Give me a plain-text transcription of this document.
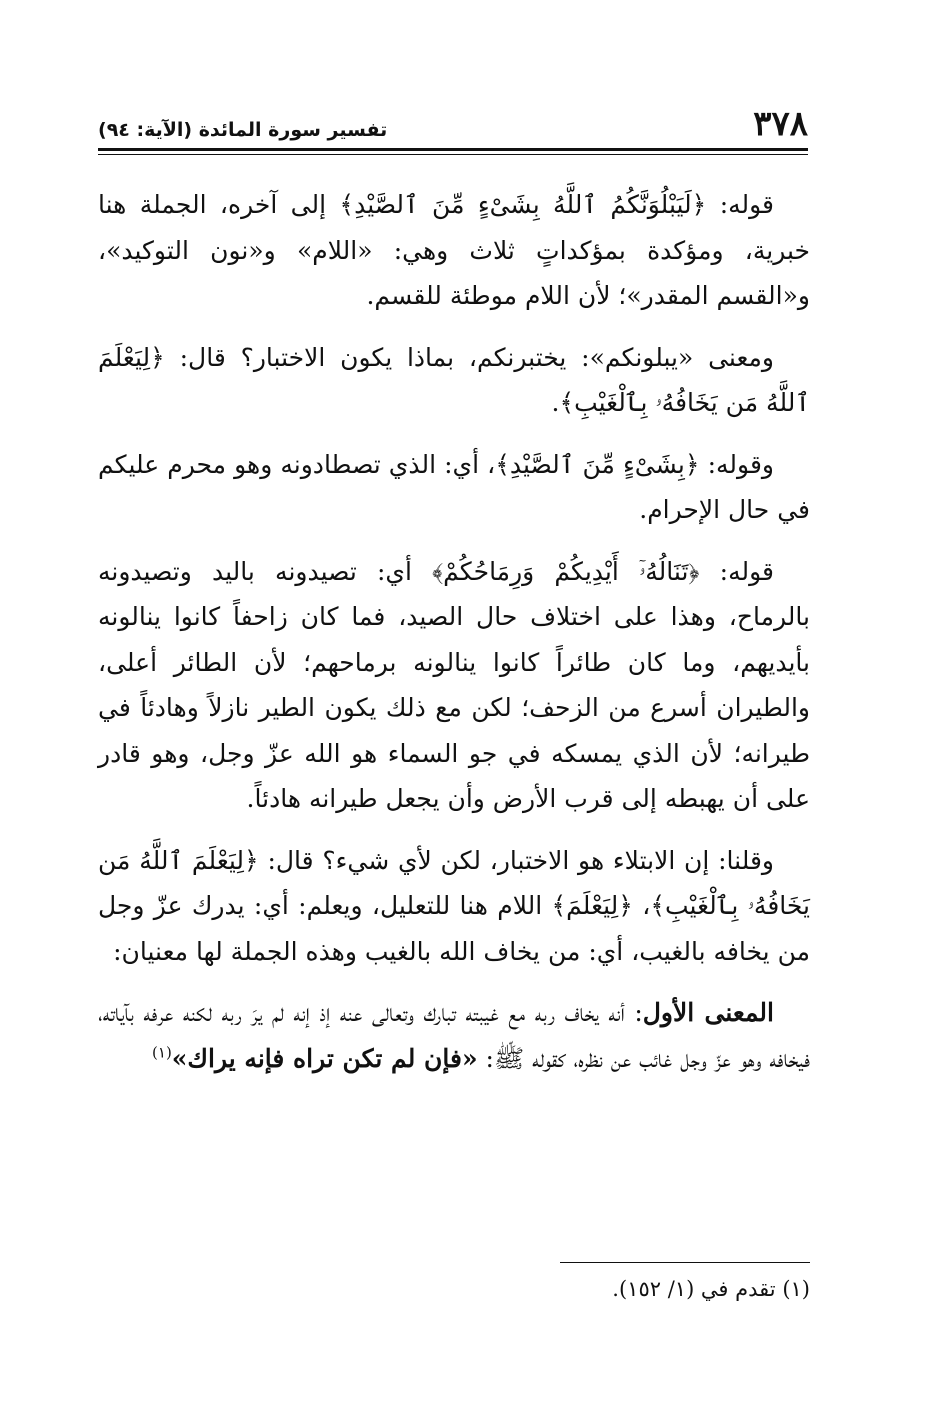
٣٧٨
تفسير سورة المائدة (الآية: ٩٤)

قوله: ﴿لَيَبْلُوَنَّكُمُ ٱللَّهُ بِشَىْءٍ مِّنَ ٱلصَّيْدِ﴾ إلى آخره، الجملة هنا خبرية، ومؤكدة بمؤكداتٍ ثلاث وهي: «اللام» و«نون التوكيد»، و«القسم المقدر»؛ لأن اللام موطئة للقسم.

ومعنى «يبلونكم»: يختبرنكم، بماذا يكون الاختبار؟ قال: ﴿لِيَعْلَمَ ٱللَّهُ مَن يَخَافُهُۥ بِٱلْغَيْبِ﴾.

وقوله: ﴿بِشَىْءٍ مِّنَ ٱلصَّيْدِ﴾، أي: الذي تصطادونه وهو محرم عليكم في حال الإحرام.

قوله: ﴿تَنَالُهُۥٓ أَيْدِيكُمْ وَرِمَاحُكُمْ﴾ أي: تصيدونه باليد وتصيدونه بالرماح، وهذا على اختلاف حال الصيد، فما كان زاحفاً كانوا ينالونه بأيديهم، وما كان طائراً كانوا ينالونه برماحهم؛ لأن الطائر أعلى، والطيران أسرع من الزحف؛ لكن مع ذلك يكون الطير نازلاً وهادئاً في طيرانه؛ لأن الذي يمسكه في جو السماء هو الله عزّ وجل، وهو قادر على أن يهبطه إلى قرب الأرض وأن يجعل طيرانه هادئاً.

وقلنا: إن الابتلاء هو الاختبار، لكن لأي شيء؟ قال: ﴿لِيَعْلَمَ ٱللَّهُ مَن يَخَافُهُۥ بِٱلْغَيْبِ﴾، ﴿لِيَعْلَمَ﴾ اللام هنا للتعليل، ويعلم: أي: يدرك عزّ وجل من يخافه بالغيب، أي: من يخاف الله بالغيب وهذه الجملة لها معنيان:

المعنى الأول: أنه يخاف ربه مع غيبته تبارك وتعالى عنه إذ إنه لم يرَ ربه لكنه عرفه بآياته، فيخافه وهو عزّ وجل غائب عن نظره، كقوله ﷺ: «فإن لم تكن تراه فإنه يراك»$^{(١)}$

(١) تقدم في (١/ ١٥٢).
